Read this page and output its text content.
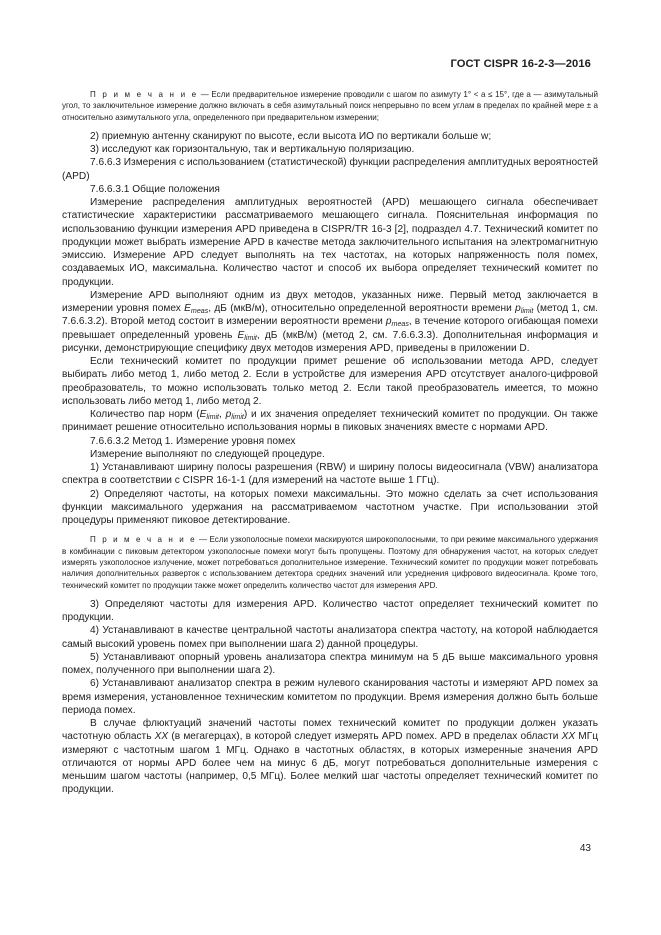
ГОСТ CISPR 16-2-3—2016

П р и м е ч а н и е — Если предварительное измерение проводили с шагом по азимуту 1° < а ≤ 15°, где а — азимутальный угол, то заключительное измерение должно включать в себя азимутальный поиск непрерывно по всем углам в пределах по крайней мере ± а относительно азимутального угла, определенного при предварительном измерении;

2) приемную антенну сканируют по высоте, если высота ИО по вертикали больше w;

3) исследуют как горизонтальную, так и вертикальную поляризацию.

7.6.6.3 Измерения с использованием (статистической) функции распределения амплитудных вероятностей (APD)

7.6.6.3.1 Общие положения

Измерение распределения амплитудных вероятностей (APD) мешающего сигнала обеспечивает статистические характеристики рассматриваемого мешающего сигнала. Пояснительная информация по использованию функции измерения APD приведена в CISPR/TR 16-3 [2], подраздел 4.7. Технический комитет по продукции может выбрать измерение APD в качестве метода заключительного испытания на электромагнитную эмиссию. Измерение APD следует выполнять на тех частотах, на которых напряженность поля помех, создаваемых ИО, максимальна. Количество частот и способ их выбора определяет технический комитет по продукции.

Измерение APD выполняют одним из двух методов, указанных ниже. Первый метод заключается в измерении уровня помех $E_{meas}$, дБ (мкВ/м), относительно определенной вероятности времени $p_{limit}$ (метод 1, см. 7.6.6.3.2). Второй метод состоит в измерении вероятности времени $p_{meas}$, в течение которого огибающая помехи превышает определенный уровень $E_{limit}$, дБ (мкВ/м) (метод 2, см. 7.6.6.3.3). Дополнительная информация и рисунки, демонстрирующие специфику двух методов измерения APD, приведены в приложении D.

Если технический комитет по продукции примет решение об использовании метода APD, следует выбирать либо метод 1, либо метод 2. Если в устройстве для измерения APD отсутствует аналого-цифровой преобразователь, то можно использовать только метод 2. Если такой преобразователь имеется, то можно использовать либо метод 1, либо метод 2.

Количество пар норм ($E_{limit}$, $p_{limit}$) и их значения определяет технический комитет по продукции. Он также принимает решение относительно использования нормы в пиковых значениях вместе с нормами APD.

7.6.6.3.2 Метод 1. Измерение уровня помех

Измерение выполняют по следующей процедуре.

1) Устанавливают ширину полосы разрешения (RBW) и ширину полосы видеосигнала (VBW) анализатора спектра в соответствии с CISPR 16-1-1 (для измерений на частоте выше 1 ГГц).

2) Определяют частоты, на которых помехи максимальны. Это можно сделать за счет использования функции максимального удержания на рассматриваемом частотном участке. При использовании этой процедуры применяют пиковое детектирование.

П р и м е ч а н и е — Если узкополосные помехи маскируются широкополосными, то при режиме максимального удержания в комбинации с пиковым детектором узкополосные помехи могут быть пропущены. Поэтому для обнаружения частот, на которых следует измерять узкополосное излучение, может потребоваться дополнительное измерение. Технический комитет по продукции может потребовать наличия дополнительных разверток с использованием детектора средних значений или усреднения цифрового видеосигнала. Кроме того, технический комитет по продукции также может определить количество частот для измерения APD.

3) Определяют частоты для измерения APD. Количество частот определяет технический комитет по продукции.

4) Устанавливают в качестве центральной частоты анализатора спектра частоту, на которой наблюдается самый высокий уровень помех при выполнении шага 2) данной процедуры.

5) Устанавливают опорный уровень анализатора спектра минимум на 5 дБ выше максимального уровня помех, полученного при выполнении шага 2).

6) Устанавливают анализатор спектра в режим нулевого сканирования частоты и измеряют APD помех за время измерения, установленное техническим комитетом по продукции. Время измерения должно быть больше периода помех.

В случае флюктуаций значений частоты помех технический комитет по продукции должен указать частотную область XX (в мегагерцах), в которой следует измерять APD помех. APD в пределах области XX МГц измеряют с частотным шагом 1 МГц. Однако в частотных областях, в которых измеренные значения APD отличаются от нормы APD более чем на минус 6 дБ, могут потребоваться дополнительные измерения с меньшим шагом частоты (например, 0,5 МГц). Более мелкий шаг частоты определяет технический комитет по продукции.

43
